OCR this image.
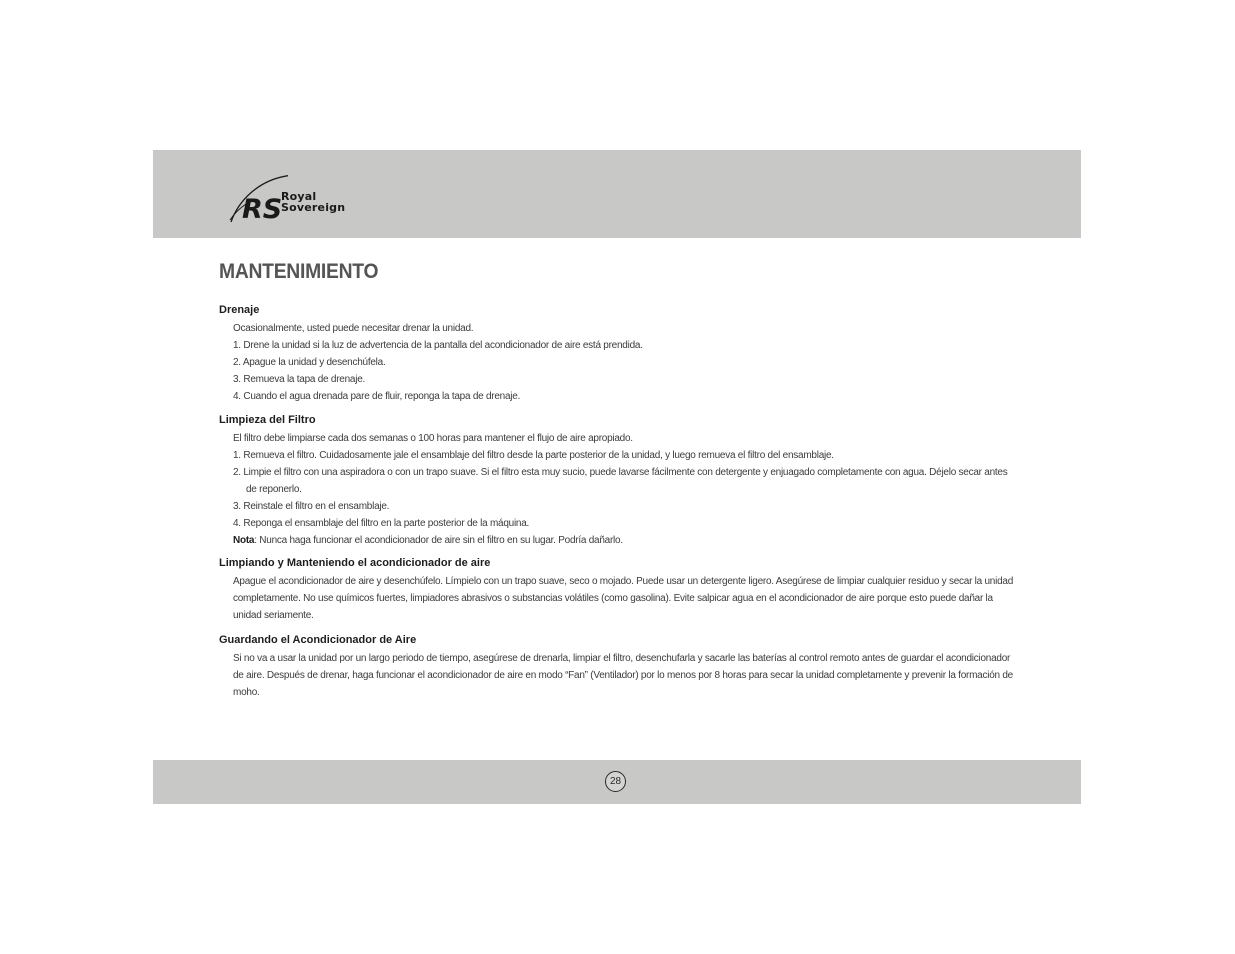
RS
Royal
Sovereign
MANTENIMIENTO
Drenaje

Ocasionalmente, usted puede necesitar drenar la unidad.

1. Drene la unidad si la luz de advertencia de la pantalla del acondicionador de aire está prendida.

2. Apague la unidad y desenchúfela.

3. Remueva la tapa de drenaje.

4. Cuando el agua drenada pare de fluir, reponga la tapa de drenaje.

Limpieza del Filtro

El filtro debe limpiarse cada dos semanas o 100 horas para mantener el flujo de aire apropiado.

1. Remueva el filtro. Cuidadosamente jale el ensamblaje del filtro desde la parte posterior de la unidad, y luego remueva el filtro del ensamblaje.

2. Limpie el filtro con una aspiradora o con un trapo suave. Si el filtro esta muy sucio, puede lavarse fácilmente con detergente y enjuagado completamente con agua. Déjelo secar antes de reponerlo.

3. Reinstale el filtro en el ensamblaje.

4. Reponga el ensamblaje del filtro en la parte posterior de la máquina.

Nota: Nunca haga funcionar el acondicionador de aire sin el filtro en su lugar. Podría dañarlo.

Limpiando y Manteniendo el acondicionador de aire
Apague el acondicionador de aire y desenchúfelo. Límpielo con un trapo suave, seco o mojado. Puede usar un detergente ligero. Asegúrese de limpiar cualquier residuo y secar la unidad completamente. No use químicos fuertes, limpiadores abrasivos o substancias volátiles (como gasolina). Evite salpicar agua en el acondicionador de aire porque esto puede dañar la unidad seriamente.
Guardando el Acondicionador de Aire
Si no va a usar la unidad por un largo periodo de tiempo, asegúrese de drenarla, limpiar el filtro, desenchufarla y sacarle las baterías al control remoto antes de guardar el acondicionador de aire. Después de drenar, haga funcionar el acondicionador de aire en modo “Fan” (Ventilador) por lo menos por 8 horas para secar la unidad completamente y prevenir la formación de moho.
28
